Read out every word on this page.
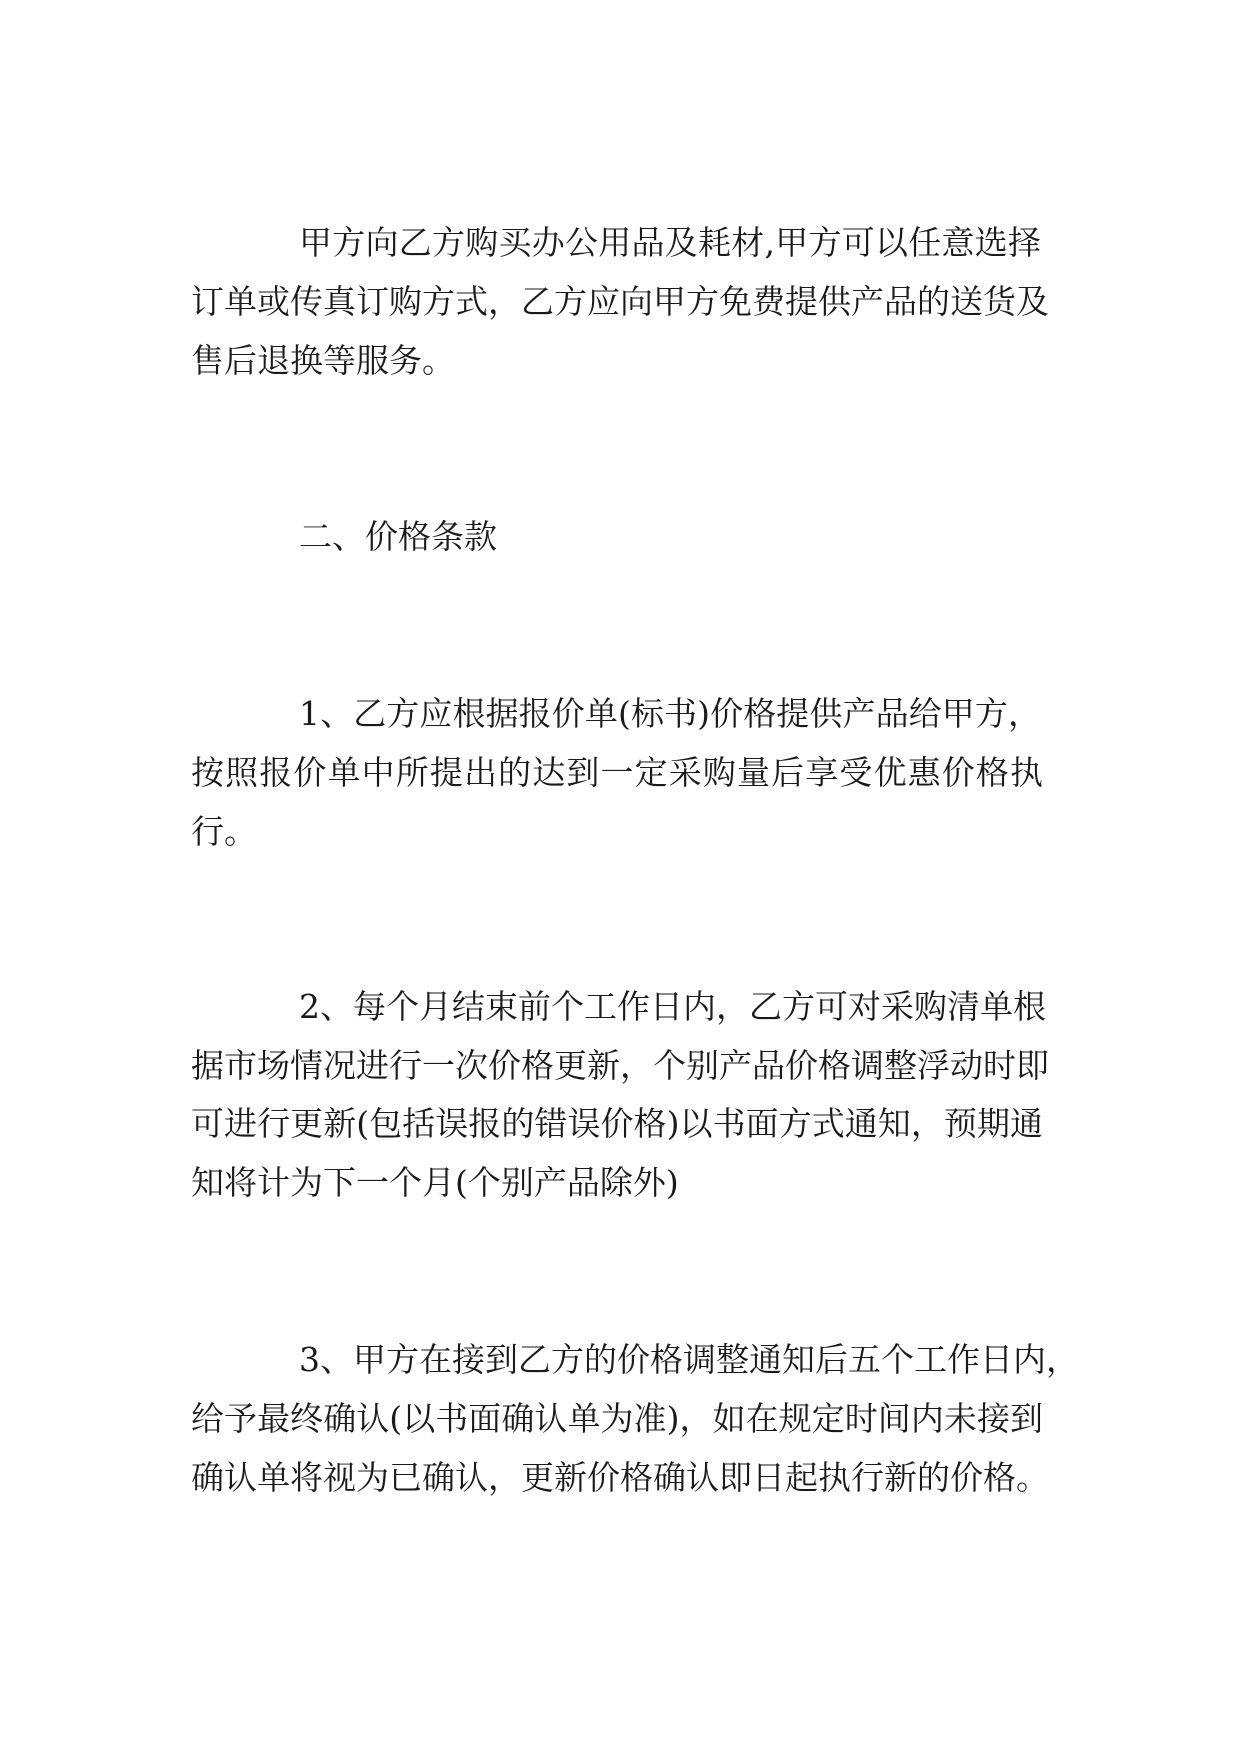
甲方向乙方购买办公用品及耗材,甲方可以任意选择

订单或传真订购方式，乙方应向甲方免费提供产品的送货及

售后退换等服务。

二、价格条款

1、乙方应根据报价单(标书)价格提供产品给甲方，

按照报价单中所提出的达到一定采购量后享受优惠价格执

行。

2、每个月结束前个工作日内，乙方可对采购清单根

据市场情况进行一次价格更新，个别产品价格调整浮动时即

可进行更新(包括误报的错误价格)以书面方式通知，预期通

知将计为下一个月(个别产品除外)

3、甲方在接到乙方的价格调整通知后五个工作日内，

给予最终确认(以书面确认单为准)，如在规定时间内未接到

确认单将视为已确认，更新价格确认即日起执行新的价格。
